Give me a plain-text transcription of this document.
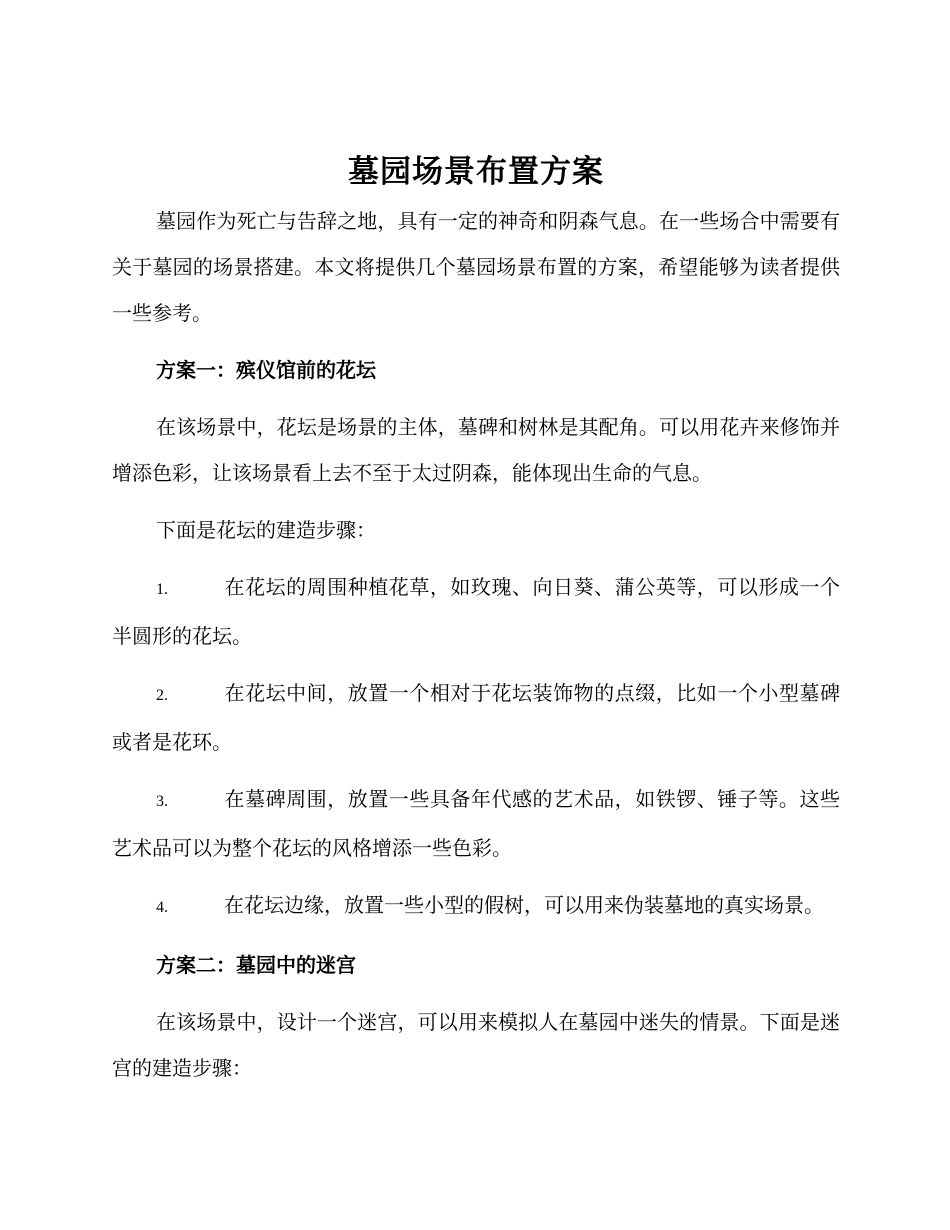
墓园场景布置方案

墓园作为死亡与告辞之地，具有一定的神奇和阴森气息。在一些场合中需要有关于墓园的场景搭建。本文将提供几个墓园场景布置的方案，希望能够为读者提供一些参考。

方案一：殡仪馆前的花坛

在该场景中，花坛是场景的主体，墓碑和树林是其配角。可以用花卉来修饰并增添色彩，让该场景看上去不至于太过阴森，能体现出生命的气息。

下面是花坛的建造步骤：

1.	在花坛的周围种植花草，如玫瑰、向日葵、蒲公英等，可以形成一个半圆形的花坛。

2.	在花坛中间，放置一个相对于花坛装饰物的点缀，比如一个小型墓碑或者是花环。

3.	在墓碑周围，放置一些具备年代感的艺术品，如铁锣、锤子等。这些艺术品可以为整个花坛的风格增添一些色彩。

4.	在花坛边缘，放置一些小型的假树，可以用来伪装墓地的真实场景。

方案二：墓园中的迷宫

在该场景中，设计一个迷宫，可以用来模拟人在墓园中迷失的情景。下面是迷宫的建造步骤：
